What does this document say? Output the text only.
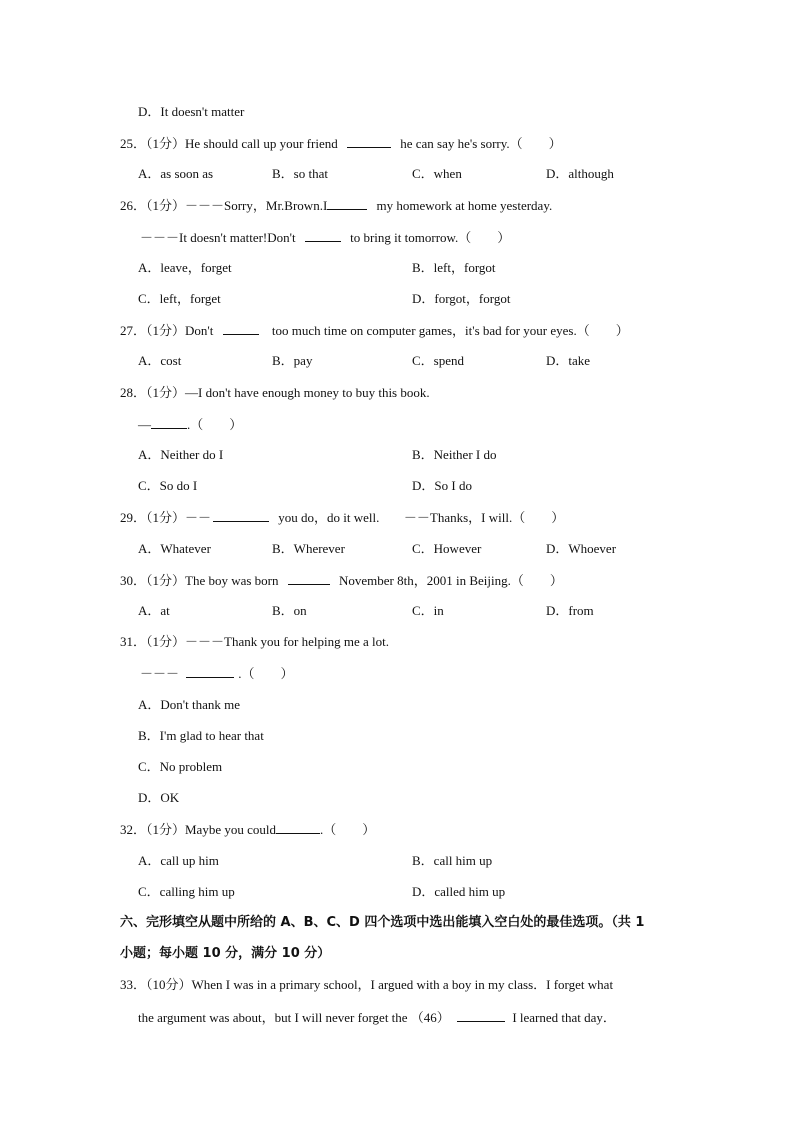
D．It doesn't matter
25．（1分）He should call up your friend	he can say he's sorry.（　　）
A．as soon as	B．so that	C．when	D．although
26．（1分）－－－Sorry，Mr.Brown.I	my homework at home yesterday.
－－－It doesn't matter!Don't	to bring it tomorrow.（　　）
A．leave，forget	B．left，forgot
C．left，forget	D．forgot，forgot
27．（1分）Don't	too much time on computer games，it's bad for your eyes.（　　）
A．cost	B．pay	C．spend	D．take
28．（1分）—I don't have enough money to buy this book.
—	.（　　）
A．Neither do I	B．Neither I do
C．So do I	D．So I do
29．（1分）－－	you do，do it well. －－Thanks，I will.（　　）
A．Whatever	B．Wherever	C．However	D．Whoever
30．（1分）The boy was born	November 8th，2001 in Beijing.（　　）
A．at	B．on	C．in	D．from
31．（1分）－－－Thank you for helping me a lot.
－－－	.（　　）
A．Don't thank me
B．I'm glad to hear that
C．No problem
D．OK
32．（1分）Maybe you could	.（　　）
A．call up him	B．call him up
C．calling him up	D．called him up
六、完形填空从题中所给的 A、B、C、D 四个选项中选出能填入空白处的最佳选项。（共 1
小题；每小题 10 分，满分 10 分）
33．（10分）When I was in a primary school，I argued with a boy in my class．I forget what
the argument was about，but I will never forget the （46）	I learned that day．
